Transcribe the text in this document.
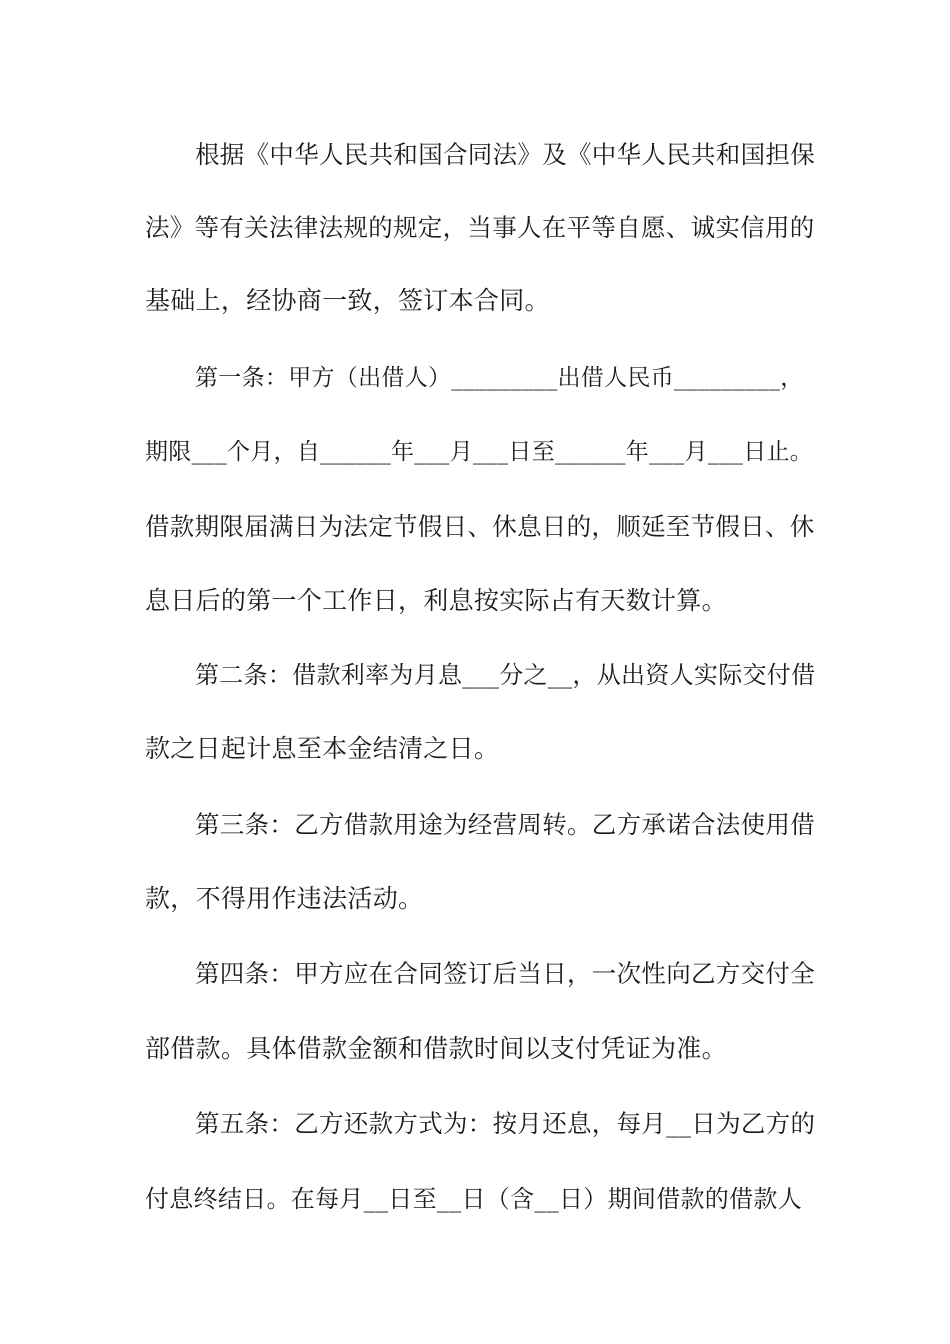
根据《中华人民共和国合同法》及《中华人民共和国担保
法》等有关法律法规的规定，当事人在平等自愿、诚实信用的
基础上，经协商一致，签订本合同。
第一条：甲方（出借人）_________出借人民币_________，
期限___个月，自______年___月___日至______年___月___日止。
借款期限届满日为法定节假日、休息日的，顺延至节假日、休
息日后的第一个工作日，利息按实际占有天数计算。
第二条：借款利率为月息___分之__，从出资人实际交付借
款之日起计息至本金结清之日。
第三条：乙方借款用途为经营周转。乙方承诺合法使用借
款，不得用作违法活动。
第四条：甲方应在合同签订后当日，一次性向乙方交付全
部借款。具体借款金额和借款时间以支付凭证为准。
第五条：乙方还款方式为：按月还息，每月__日为乙方的
付息终结日。在每月__日至__日（含__日）期间借款的借款人
